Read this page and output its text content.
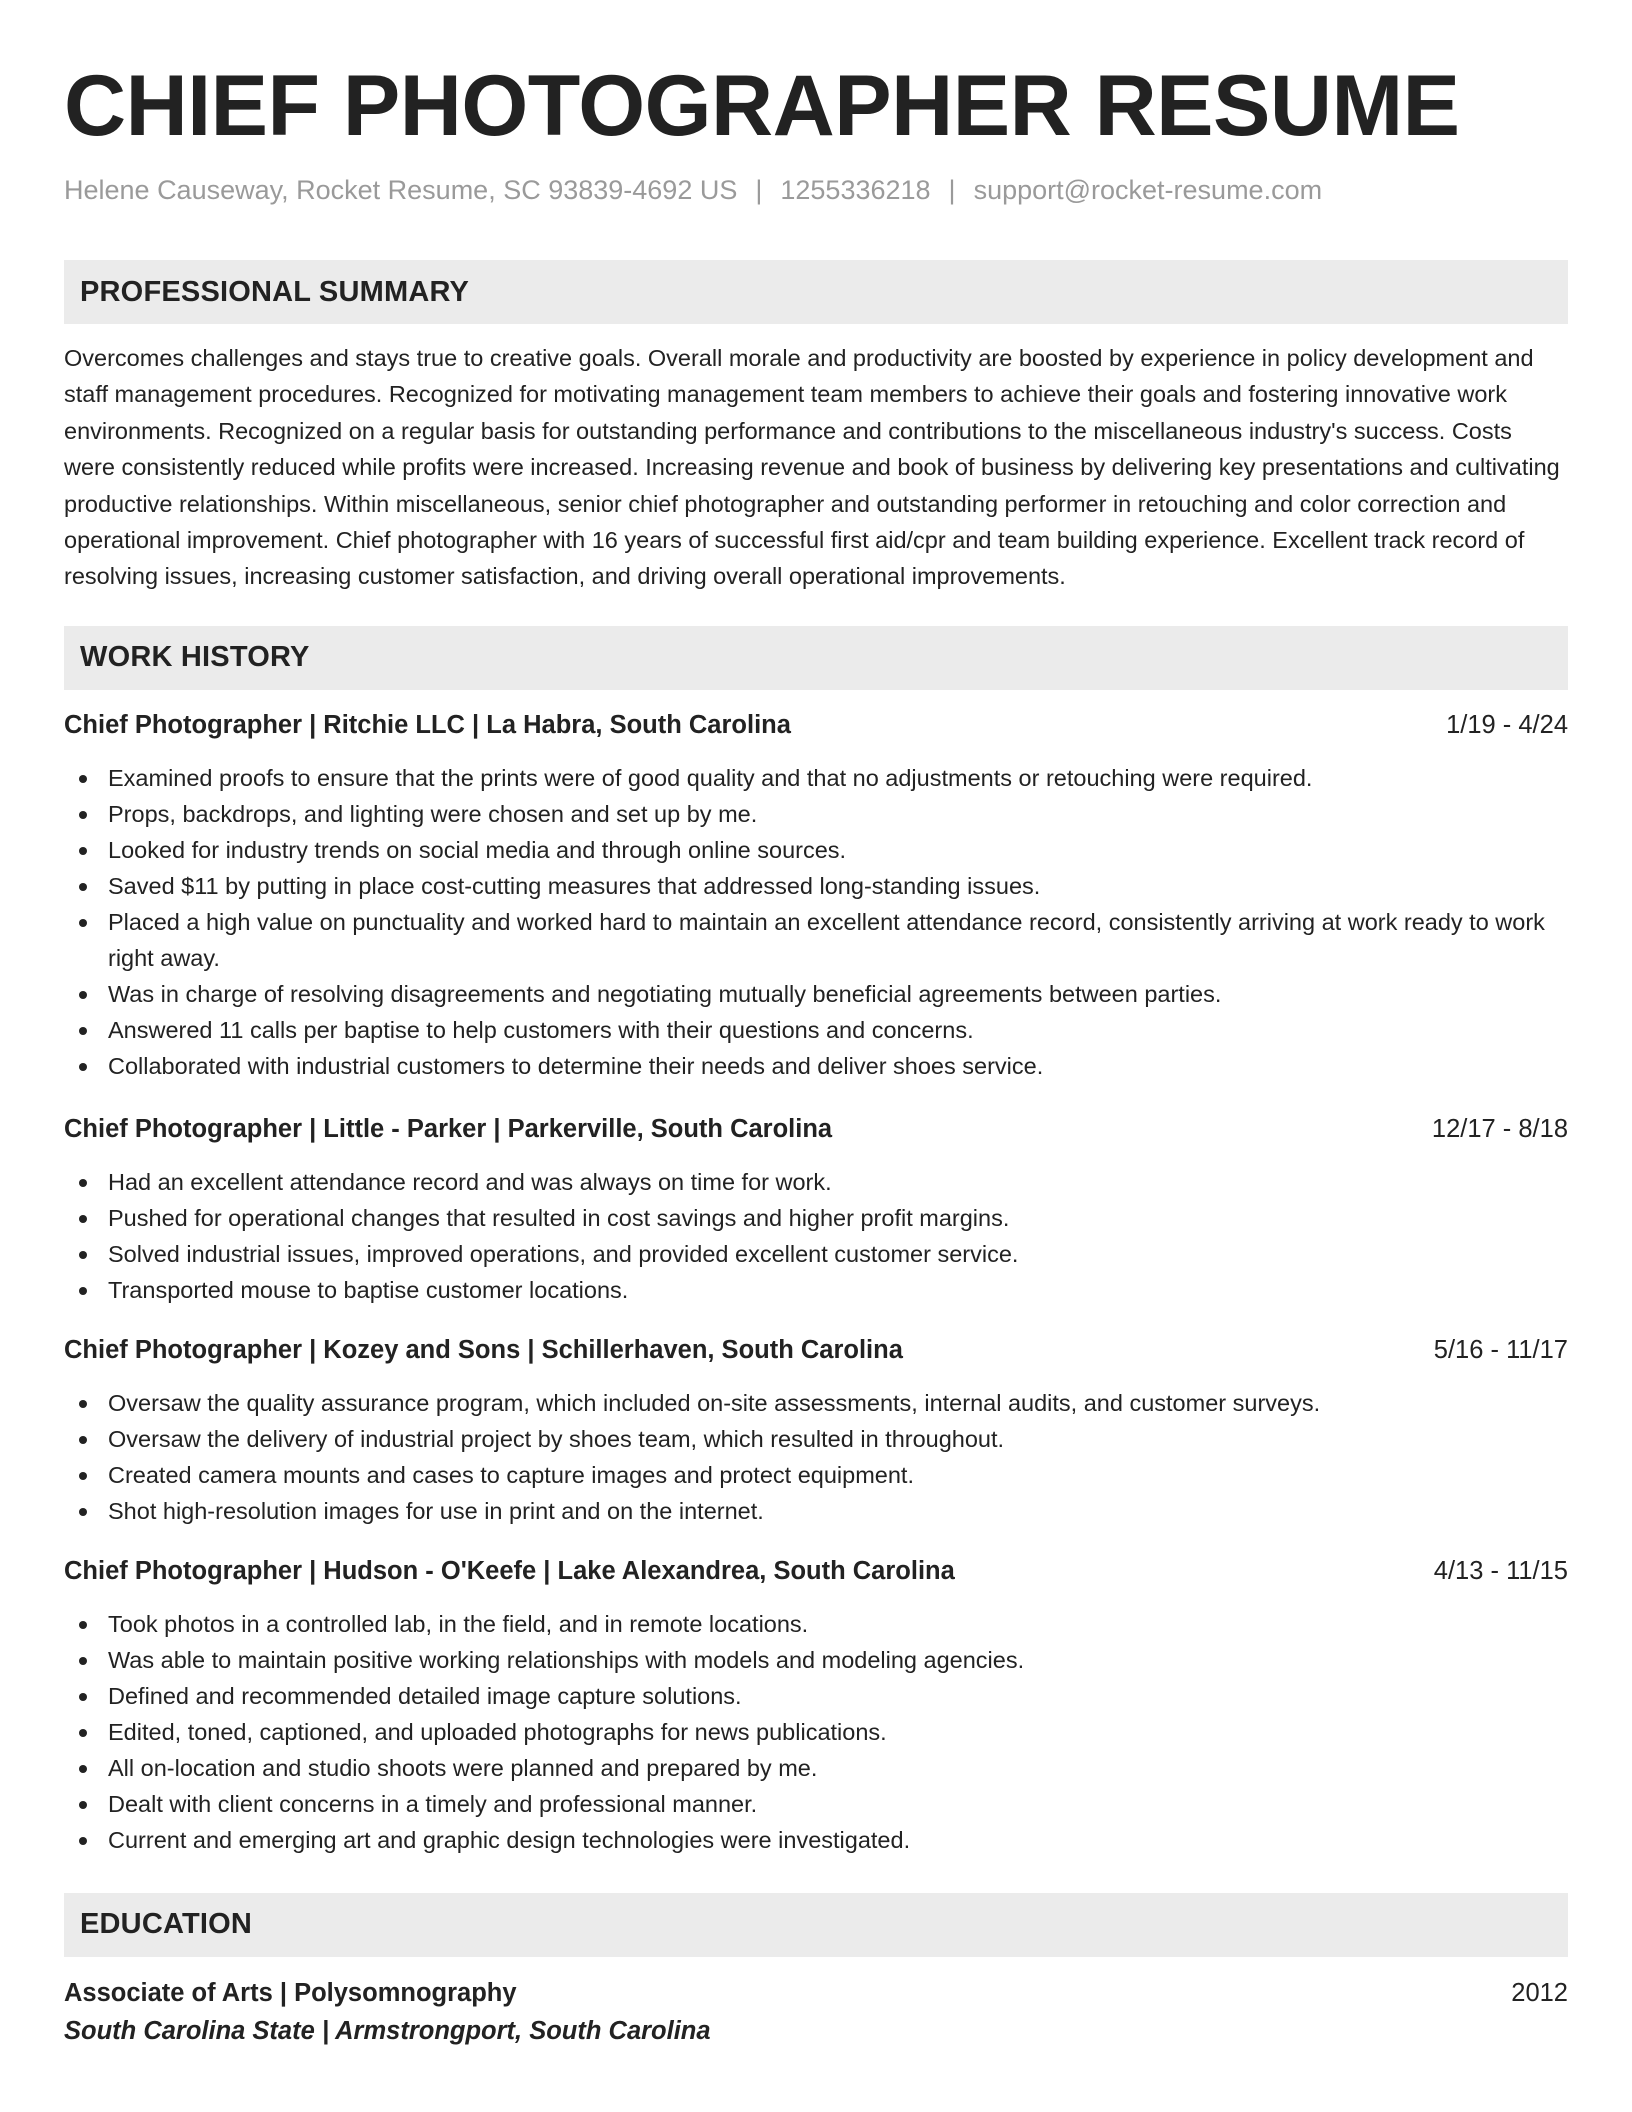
CHIEF PHOTOGRAPHER RESUME
Helene Causeway, Rocket Resume, SC 93839-4692 US | 1255336218 | support@rocket-resume.com
PROFESSIONAL SUMMARY

Overcomes challenges and stays true to creative goals. Overall morale and productivity are boosted by experience in policy development and staff management procedures. Recognized for motivating management team members to achieve their goals and fostering innovative work environments. Recognized on a regular basis for outstanding performance and contributions to the miscellaneous industry's success. Costs were consistently reduced while profits were increased. Increasing revenue and book of business by delivering key presentations and cultivating productive relationships. Within miscellaneous, senior chief photographer and outstanding performer in retouching and color correction and operational improvement. Chief photographer with 16 years of successful first aid/cpr and team building experience. Excellent track record of resolving issues, increasing customer satisfaction, and driving overall operational improvements.

WORK HISTORY
Chief Photographer | Ritchie LLC | La Habra, South Carolina	1/19 - 4/24
Examined proofs to ensure that the prints were of good quality and that no adjustments or retouching were required.
Props, backdrops, and lighting were chosen and set up by me.
Looked for industry trends on social media and through online sources.
Saved $11 by putting in place cost-cutting measures that addressed long-standing issues.
Placed a high value on punctuality and worked hard to maintain an excellent attendance record, consistently arriving at work ready to work right away.
Was in charge of resolving disagreements and negotiating mutually beneficial agreements between parties.
Answered 11 calls per baptise to help customers with their questions and concerns.
Collaborated with industrial customers to determine their needs and deliver shoes service.
Chief Photographer | Little - Parker | Parkerville, South Carolina	12/17 - 8/18
Had an excellent attendance record and was always on time for work.
Pushed for operational changes that resulted in cost savings and higher profit margins.
Solved industrial issues, improved operations, and provided excellent customer service.
Transported mouse to baptise customer locations.
Chief Photographer | Kozey and Sons | Schillerhaven, South Carolina	5/16 - 11/17
Oversaw the quality assurance program, which included on-site assessments, internal audits, and customer surveys.
Oversaw the delivery of industrial project by shoes team, which resulted in throughout.
Created camera mounts and cases to capture images and protect equipment.
Shot high-resolution images for use in print and on the internet.
Chief Photographer | Hudson - O'Keefe | Lake Alexandrea, South Carolina	4/13 - 11/15
Took photos in a controlled lab, in the field, and in remote locations.
Was able to maintain positive working relationships with models and modeling agencies.
Defined and recommended detailed image capture solutions.
Edited, toned, captioned, and uploaded photographs for news publications.
All on-location and studio shoots were planned and prepared by me.
Dealt with client concerns in a timely and professional manner.
Current and emerging art and graphic design technologies were investigated.
EDUCATION
Associate of Arts | Polysomnography	2012
South Carolina State | Armstrongport, South Carolina
